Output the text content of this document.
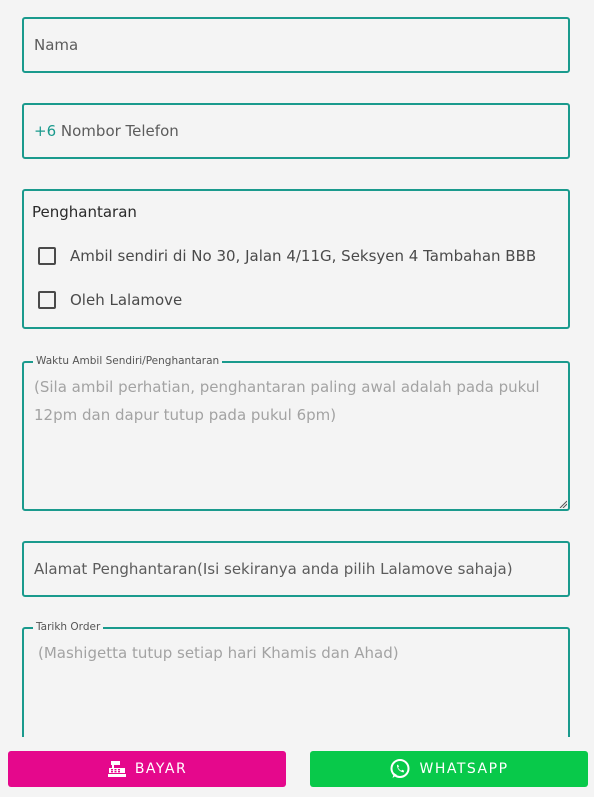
Nama
+6 Nombor Telefon
Penghantaran
Ambil sendiri di No 30, Jalan 4/11G, Seksyen 4 Tambahan BBB
Oleh Lalamove
Waktu Ambil Sendiri/Penghantaran
(Sila ambil perhatian, penghantaran paling awal adalah pada pukul 12pm dan dapur tutup pada pukul 6pm)
Alamat Penghantaran(Isi sekiranya anda pilih Lalamove sahaja)
Tarikh Order
(Mashigetta tutup setiap hari Khamis dan Ahad)
BAYAR	WHATSAPP
